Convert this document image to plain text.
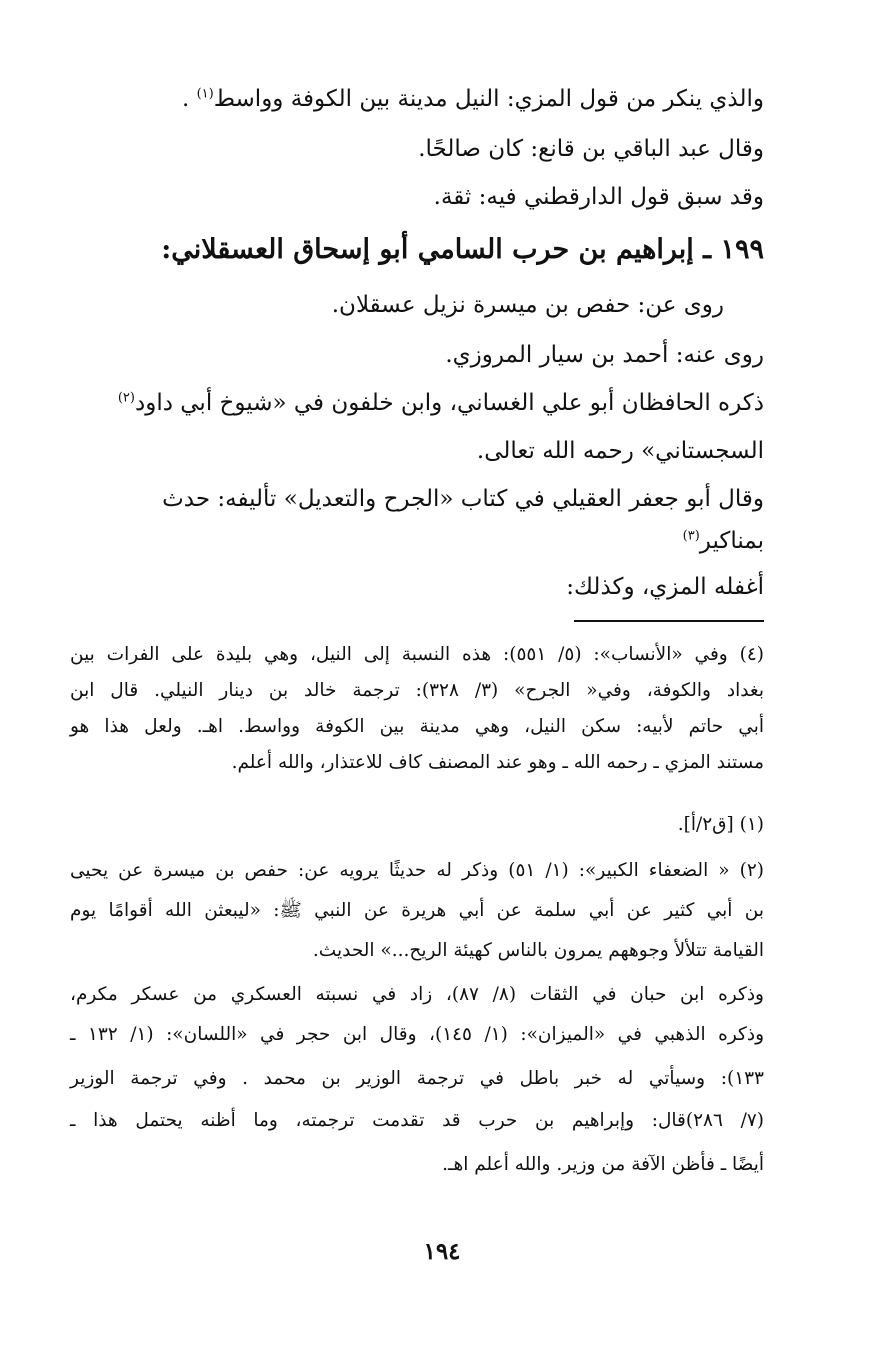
والذي ينكر من قول المزي: النيل مدينة بين الكوفة وواسط$^{(١)}$ .
وقال عبد الباقي بن قانع: كان صالحًا.
وقد سبق قول الدارقطني فيه: ثقة.
١٩٩ ـ إبراهيم بن حرب السامي أبو إسحاق العسقلاني:
روى عن: حفص بن ميسرة نزيل عسقلان.
روى عنه: أحمد بن سيار المروزي.
ذكره الحافظان أبو علي الغساني، وابن خلفون في «شيوخ أبي داود$^{(٢)}$
السجستاني» رحمه الله تعالى.
وقال أبو جعفر العقيلي في كتاب «الجرح والتعديل» تأليفه: حدث
بمناكير$^{(٣)}$
أغفله المزي، وكذلك:
(٤) وفي «الأنساب»: (٥/ ٥٥١): هذه النسبة إلى النيل، وهي بليدة على الفرات بين
بغداد والكوفة، وفي« الجرح» (٣/ ٣٢٨): ترجمة خالد بن دينار النيلي. قال ابن
أبي حاتم لأبيه: سكن النيل، وهي مدينة بين الكوفة وواسط. اهـ. ولعل هذا هو
مستند المزي ـ رحمه الله ـ وهو عند المصنف كاف للاعتذار، والله أعلم.
(١) [ق٢/أ].
(٢) « الضعفاء الكبير»: (١/ ٥١) وذكر له حديثًا يرويه عن: حفص بن ميسرة عن يحيى
بن أبي كثير عن أبي سلمة عن أبي هريرة عن النبي ﷺ: «ليبعثن الله أقوامًا يوم
القيامة تتلألأ وجوههم يمرون بالناس كهيئة الريح...» الحديث.
وذكره ابن حبان في الثقات (٨/ ٨٧)، زاد في نسبته العسكري من عسكر مكرم،
وذكره الذهبي في «الميزان»: (١/ ١٤٥)، وقال ابن حجر في «اللسان»: (١/ ١٣٢ ـ
١٣٣): وسيأتي له خبر باطل في ترجمة الوزير بن محمد . وفي ترجمة الوزير
(٧/ ٢٨٦)قال: وإبراهيم بن حرب قد تقدمت ترجمته، وما أظنه يحتمل هذا ـ
أيضًا ـ فأظن الآفة من وزير. والله أعلم اهـ.
١٩٤
